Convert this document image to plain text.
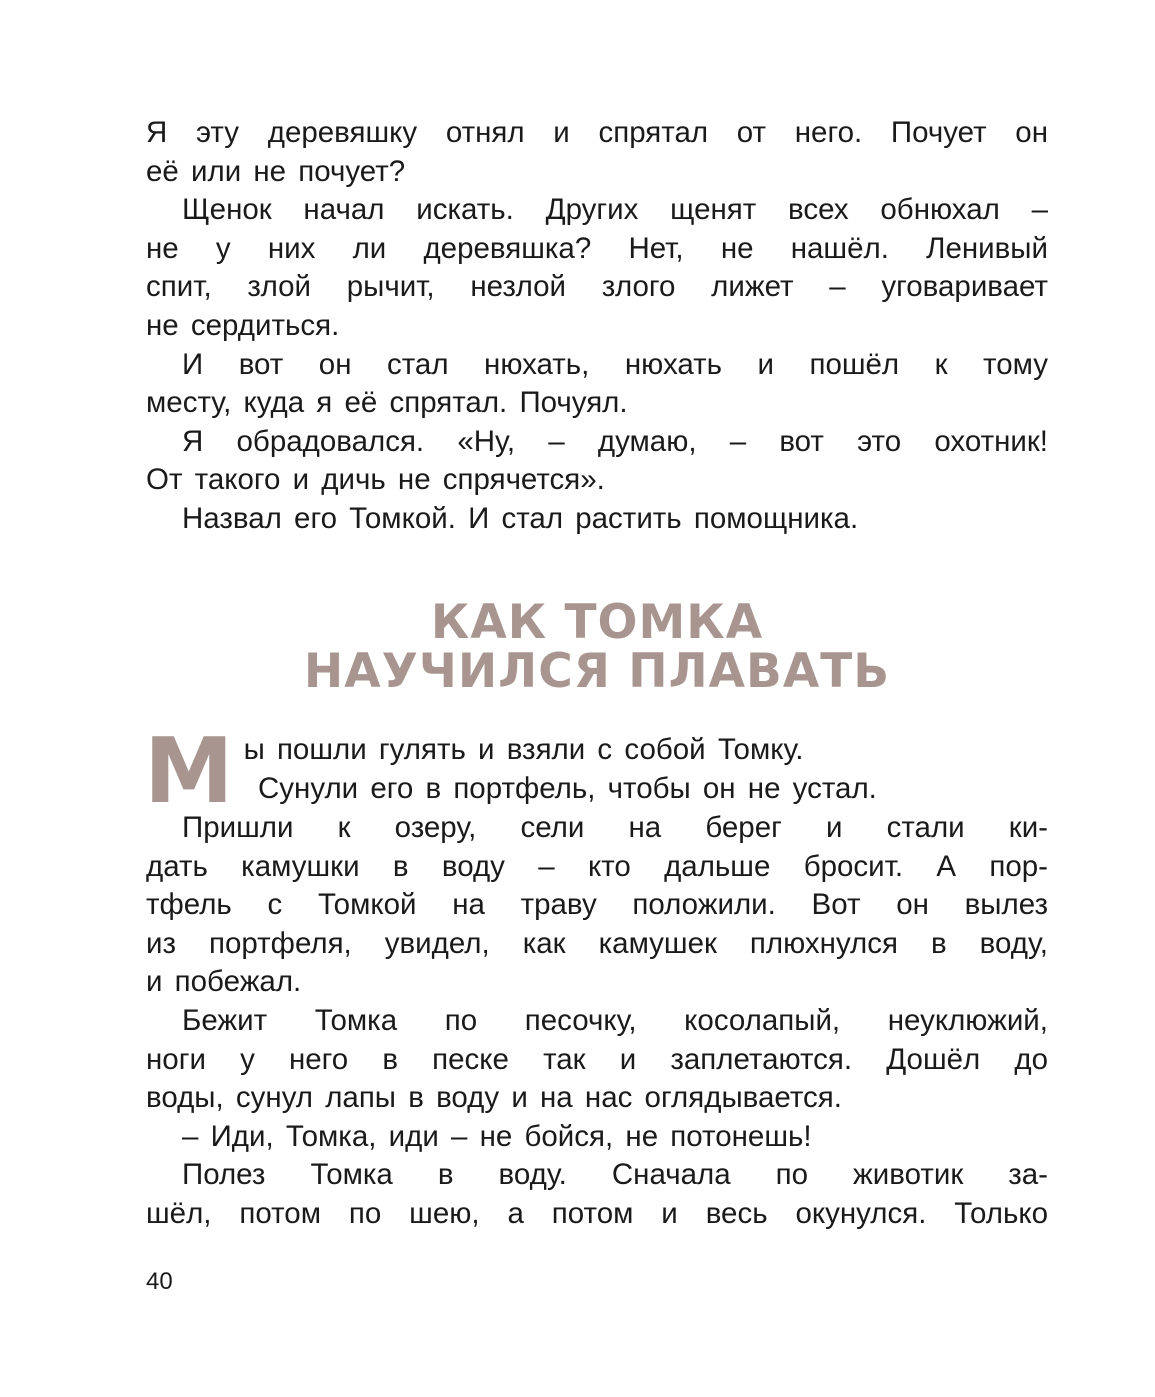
Я эту деревяшку отнял и спрятал от него. Почует он

её или не почует?

Щенок начал искать. Других щенят всех обнюхал –

не у них ли деревяшка? Нет, не нашёл. Ленивый

спит, злой рычит, незлой злого лижет – уговаривает

не сердиться.

И вот он стал нюхать, нюхать и пошёл к тому

месту, куда я её спрятал. Почуял.

Я обрадовался. «Ну, – думаю, – вот это охотник!

От такого и дичь не спрячется».

Назвал его Томкой. И стал растить помощника.

КАК ТОМКА
НАУЧИЛСЯ ПЛАВАТЬ
М ы пошли гулять и взяли с собой Томку.

Сунули его в портфель, чтобы он не устал.

Пришли к озеру, сели на берег и стали ки-

дать камушки в воду – кто дальше бросит. А пор-

тфель с Томкой на траву положили. Вот он вылез

из портфеля, увидел, как камушек плюхнулся в воду,

и побежал.

Бежит Томка по песочку, косолапый, неуклюжий,

ноги у него в песке так и заплетаются. Дошёл до

воды, сунул лапы в воду и на нас оглядывается.

– Иди, Томка, иди – не бойся, не потонешь!

Полез Томка в воду. Сначала по животик за-

шёл, потом по шею, а потом и весь окунулся. Только

40
